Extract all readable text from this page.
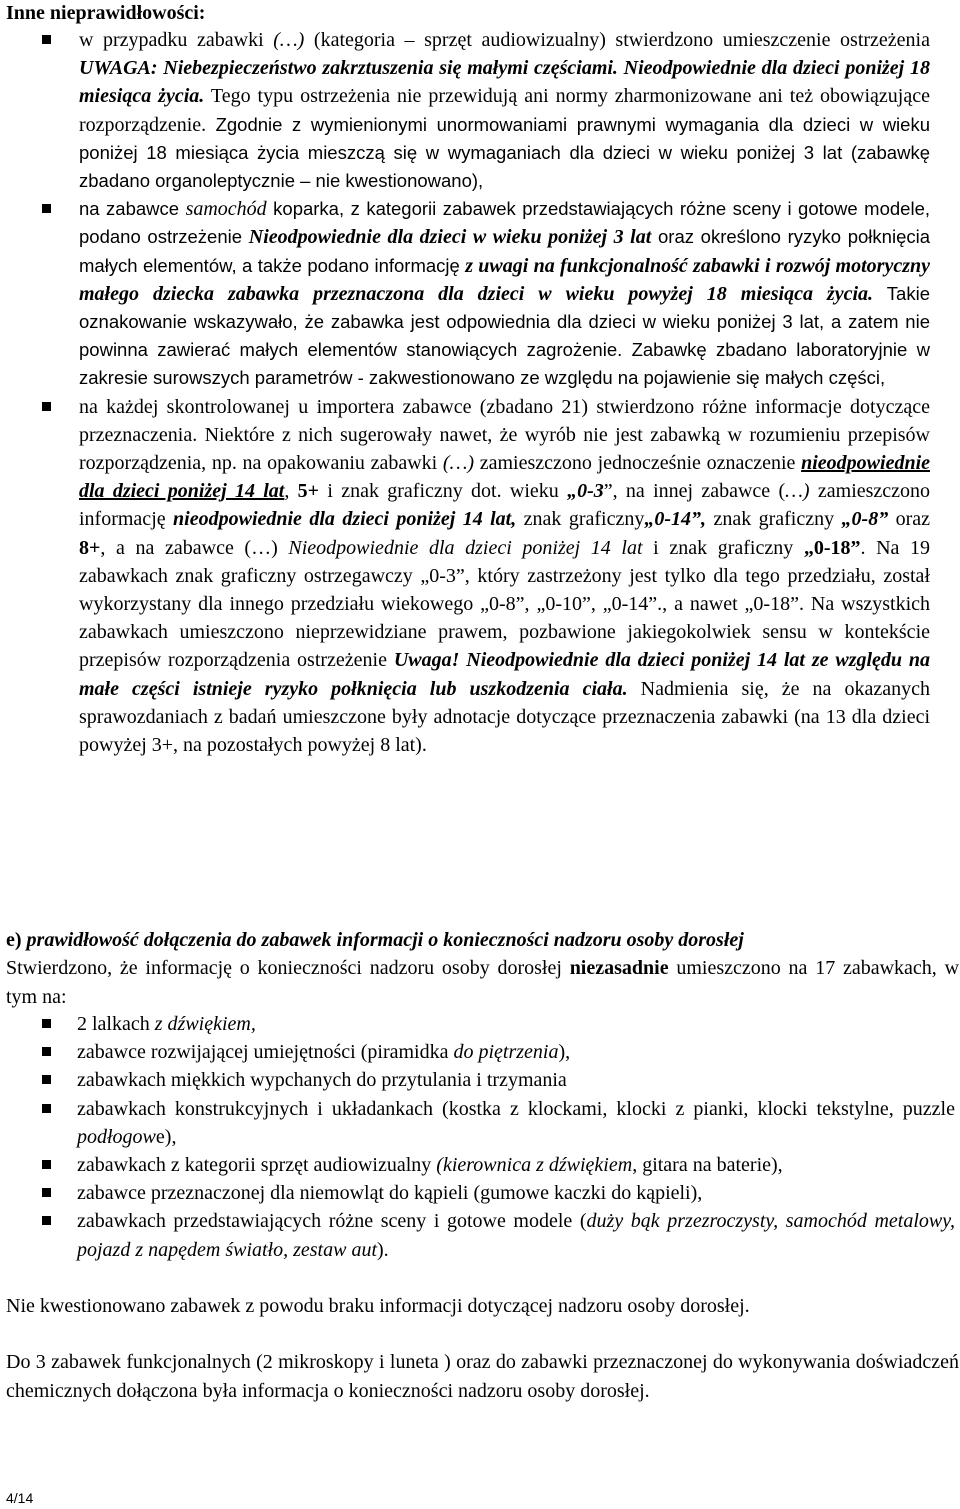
Inne nieprawidłowości:
w przypadku zabawki (…) (kategoria – sprzęt audiowizualny) stwierdzono umieszczenie ostrzeżenia UWAGA: Niebezpieczeństwo zakrztuszenia się małymi częściami. Nieodpowiednie dla dzieci poniżej 18 miesiąca życia. Tego typu ostrzeżenia nie przewidują ani normy zharmonizowane ani też obowiązujące rozporządzenie. Zgodnie z wymienionymi unormowaniami prawnymi wymagania dla dzieci w wieku poniżej 18 miesiąca życia mieszczą się w wymaganiach dla dzieci w wieku poniżej 3 lat (zabawkę zbadano organoleptycznie – nie kwestionowano),
na zabawce samochód koparka, z kategorii zabawek przedstawiających różne sceny i gotowe modele, podano ostrzeżenie Nieodpowiednie dla dzieci w wieku poniżej 3 lat oraz określono ryzyko połknięcia małych elementów, a także podano informację z uwagi na funkcjonalność zabawki i rozwój motoryczny małego dziecka zabawka przeznaczona dla dzieci w wieku powyżej 18 miesiąca życia. Takie oznakowanie wskazywało, że zabawka jest odpowiednia dla dzieci w wieku poniżej 3 lat, a zatem nie powinna zawierać małych elementów stanowiących zagrożenie. Zabawkę zbadano laboratoryjnie w zakresie surowszych parametrów - zakwestionowano ze względu na pojawienie się małych części,
na każdej skontrolowanej u importera zabawce (zbadano 21) stwierdzono różne informacje dotyczące przeznaczenia. Niektóre z nich sugerowały nawet, że wyrób nie jest zabawką w rozumieniu przepisów rozporządzenia, np. na opakowaniu zabawki (…) zamieszczono jednocześnie oznaczenie nieodpowiednie dla dzieci poniżej 14 lat, 5+ i znak graficzny dot. wieku „0-3”, na innej zabawce (…) zamieszczono informację nieodpowiednie dla dzieci poniżej 14 lat, znak graficzny„0-14”, znak graficzny „0-8” oraz 8+, a na zabawce (…) Nieodpowiednie dla dzieci poniżej 14 lat i znak graficzny „0-18”. Na 19 zabawkach znak graficzny ostrzegawczy „0-3”, który zastrzeżony jest tylko dla tego przedziału, został wykorzystany dla innego przedziału wiekowego „0-8”, „0-10”, „0-14”., a nawet „0-18”. Na wszystkich zabawkach umieszczono nieprzewidziane prawem, pozbawione jakiegokolwiek sensu w kontekście przepisów rozporządzenia ostrzeżenie Uwaga! Nieodpowiednie dla dzieci poniżej 14 lat ze względu na małe części istnieje ryzyko połknięcia lub uszkodzenia ciała. Nadmienia się, że na okazanych sprawozdaniach z badań umieszczone były adnotacje dotyczące przeznaczenia zabawki (na 13 dla dzieci powyżej 3+, na pozostałych powyżej 8 lat).
e) prawidłowość dołączenia do zabawek informacji o konieczności nadzoru osoby dorosłej
Stwierdzono, że informację o konieczności nadzoru osoby dorosłej niezasadnie umieszczono na 17 zabawkach, w tym na:
2 lalkach z dźwiękiem,
zabawce rozwijającej umiejętności (piramidka do piętrzenia),
zabawkach miękkich wypchanych do przytulania i trzymania
zabawkach konstrukcyjnych i układankach (kostka z klockami, klocki z pianki, klocki tekstylne, puzzle podłogowe),
zabawkach z kategorii sprzęt audiowizualny (kierownica z dźwiękiem, gitara na baterie),
zabawce przeznaczonej dla niemowląt do kąpieli (gumowe kaczki do kąpieli),
zabawkach przedstawiających różne sceny i gotowe modele (duży bąk przezroczysty, samochód metalowy, pojazd z napędem światło, zestaw aut).
Nie kwestionowano zabawek z powodu braku informacji dotyczącej nadzoru osoby dorosłej.
Do 3 zabawek funkcjonalnych (2 mikroskopy i luneta ) oraz do zabawki przeznaczonej do wykonywania doświadczeń chemicznych dołączona była informacja o konieczności nadzoru osoby dorosłej.
4/14
